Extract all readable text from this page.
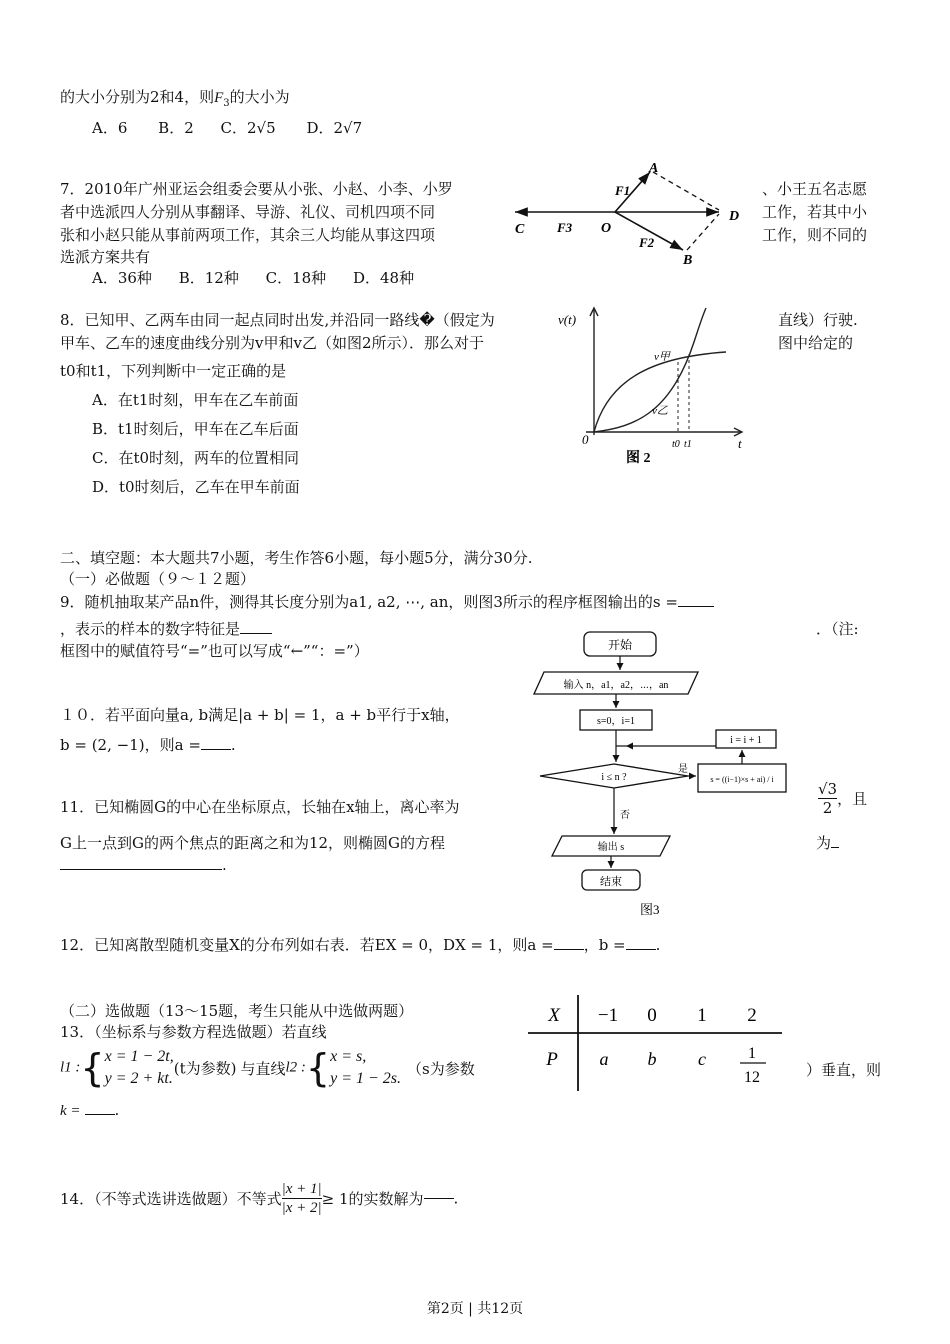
的大小分别为2和4，则$F_3$的大小为
A．6 B．2 C．2√5 D．2√7
7．2010年广州亚运会组委会要从小张、小赵、小李、小罗	、小王五名志愿
者中选派四人分别从事翻译、导游、礼仪、司机四项不同	工作，若其中小
张和小赵只能从事前两项工作，其余三人均能从事这四项	工作，则不同的
选派方案共有
A．36种 B．12种 C．18种 D．48种
A
B
C
D
O
F1
F2
F3
8．已知甲、乙两车由同一起点同时出发,并沿同一路线�（假定为	直线）行驶.
甲车、乙车的速度曲线分别为v甲和v乙（如图2所示）．那么对于	图中给定的
t0和t1，下列判断中一定正确的是
A．在t1时刻，甲车在乙车前面
B．t1时刻后，甲车在乙车后面
C．在t0时刻，两车的位置相同
D．t0时刻后，乙车在甲车前面
v(t)
t
0
v甲
v乙
t0 t1
图 2
二、填空题：本大题共7小题，考生作答6小题，每小题5分，满分30分.
（一）必做题（９～１２题）
9．随机抽取某产品n件，测得其长度分别为a1, a2, ⋯, an，则图3所示的程序框图输出的s =
，表示的样本的数字特征是	．（注:
框图中的赋值符号“=”也可以写成“←”“：=”）	开始
输入 n，a1，a2，⋯，an
s=0，i=1
i ≤ n ?
是
s = ((i−1)×s + ai) / i
i = i + 1
否
输出 s
结束
图3
１０．若平面向量a, b满足|a + b| = 1，a + b平行于x轴，
b = (2, −1)，则a = .
11．已知椭圆G的中心在坐标原点，长轴在x轴上，离心率为	$\frac{√3}{2}$ ，且
G上一点到G的两个焦点的距离之和为12，则椭圆G的方程	为
.
12．已知离散型随机变量X的分布列如右表．若EX = 0，DX = 1，则a = ，b = .
X −1 0 1 2
P a b c	1
12
（二）选做题（13～15题，考生只能从中选做两题）
13．（坐标系与参数方程选做题）若直线
l1 :{ x = 1 − 2t,
y = 2 + kt.
(t为参数) 与直线l2 :{ x = s,
y = 1 − 2s.
（s为参数	）垂直，则
k = .
14．（不等式选讲选做题）不等式 $\frac{|x + 1|}{|x + 2|} \ge 1$的实数解为 .
第2页 | 共12页
